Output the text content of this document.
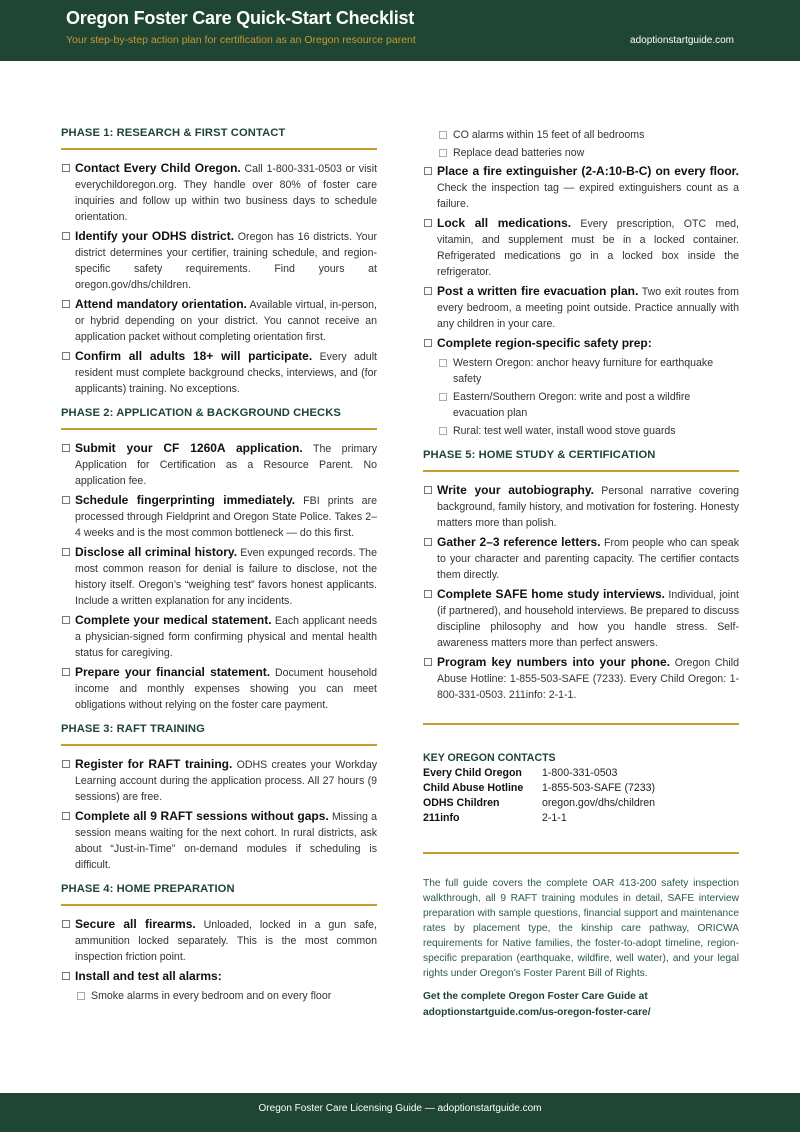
Oregon Foster Care Quick-Start Checklist
Your step-by-step action plan for certification as an Oregon resource parent	adoptionstartguide.com
PHASE 1: RESEARCH & FIRST CONTACT
Contact Every Child Oregon. Call 1-800-331-0503 or visit everychildoregon.org. They handle over 80% of foster care inquiries and follow up within two business days to schedule orientation.
Identify your ODHS district. Oregon has 16 districts. Your district determines your certifier, training schedule, and region-specific safety requirements. Find yours at oregon.gov/dhs/children.
Attend mandatory orientation. Available virtual, in-person, or hybrid depending on your district. You cannot receive an application packet without completing orientation first.
Confirm all adults 18+ will participate. Every adult resident must complete background checks, interviews, and (for applicants) training. No exceptions.
PHASE 2: APPLICATION & BACKGROUND CHECKS
Submit your CF 1260A application. The primary Application for Certification as a Resource Parent. No application fee.
Schedule fingerprinting immediately. FBI prints are processed through Fieldprint and Oregon State Police. Takes 2–4 weeks and is the most common bottleneck — do this first.
Disclose all criminal history. Even expunged records. The most common reason for denial is failure to disclose, not the history itself. Oregon’s “weighing test” favors honest applicants. Include a written explanation for any incidents.
Complete your medical statement. Each applicant needs a physician-signed form confirming physical and mental health status for caregiving.
Prepare your financial statement. Document household income and monthly expenses showing you can meet obligations without relying on the foster care payment.
PHASE 3: RAFT TRAINING
Register for RAFT training. ODHS creates your Workday Learning account during the application process. All 27 hours (9 sessions) are free.
Complete all 9 RAFT sessions without gaps. Missing a session means waiting for the next cohort. In rural districts, ask about “Just-in-Time” on-demand modules if scheduling is difficult.
PHASE 4: HOME PREPARATION
Secure all firearms. Unloaded, locked in a gun safe, ammunition locked separately. This is the most common inspection friction point.
Install and test all alarms:
Smoke alarms in every bedroom and on every floor
CO alarms within 15 feet of all bedrooms
Replace dead batteries now
Place a fire extinguisher (2-A:10-B-C) on every floor. Check the inspection tag — expired extinguishers count as a failure.
Lock all medications. Every prescription, OTC med, vitamin, and supplement must be in a locked container. Refrigerated medications go in a locked box inside the refrigerator.
Post a written fire evacuation plan. Two exit routes from every bedroom, a meeting point outside. Practice annually with any children in your care.
Complete region-specific safety prep:
Western Oregon: anchor heavy furniture for earthquake safety
Eastern/Southern Oregon: write and post a wildfire evacuation plan
Rural: test well water, install wood stove guards
PHASE 5: HOME STUDY & CERTIFICATION
Write your autobiography. Personal narrative covering background, family history, and motivation for fostering. Honesty matters more than polish.
Gather 2–3 reference letters. From people who can speak to your character and parenting capacity. The certifier contacts them directly.
Complete SAFE home study interviews. Individual, joint (if partnered), and household interviews. Be prepared to discuss discipline philosophy and how you handle stress. Self-awareness matters more than perfect answers.
Program key numbers into your phone. Oregon Child Abuse Hotline: 1-855-503-SAFE (7233). Every Child Oregon: 1-800-331-0503. 211info: 2-1-1.
KEY OREGON CONTACTS
Every Child Oregon	1-800-331-0503
Child Abuse Hotline	1-855-503-SAFE (7233)
ODHS Children	oregon.gov/dhs/children
211info	2-1-1
The full guide covers the complete OAR 413-200 safety inspection walkthrough, all 9 RAFT training modules in detail, SAFE interview preparation with sample questions, financial support and maintenance rates by placement type, the kinship care pathway, ORICWA requirements for Native families, the foster-to-adopt timeline, region-specific preparation (earthquake, wildfire, well water), and your legal rights under Oregon’s Foster Parent Bill of Rights.
Get the complete Oregon Foster Care Guide at adoptionstartguide.com/us-oregon-foster-care/
Oregon Foster Care Licensing Guide — adoptionstartguide.com
